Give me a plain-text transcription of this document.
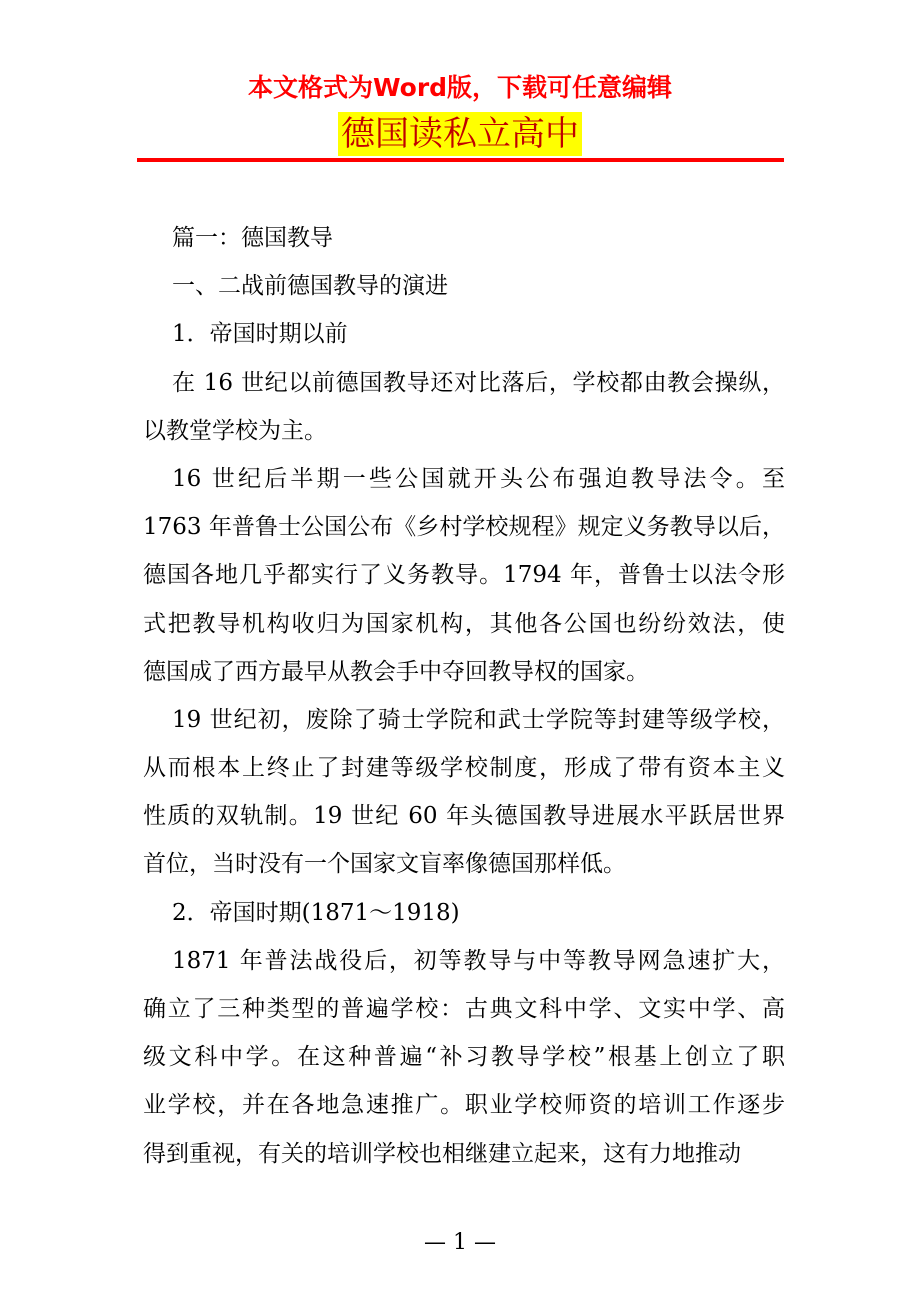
本文格式为Word版，下载可任意编辑
德国读私立高中
篇一：德国教导
一、二战前德国教导的演进
1．帝国时期以前
在 16 世纪以前德国教导还对比落后，学校都由教会操纵，
以教堂学校为主。
16 世纪后半期一些公国就开头公布强迫教导法令。至
1763 年普鲁士公国公布《乡村学校规程》规定义务教导以后，
德国各地几乎都实行了义务教导。1794 年，普鲁士以法令形
式把教导机构收归为国家机构，其他各公国也纷纷效法，使
德国成了西方最早从教会手中夺回教导权的国家。
19 世纪初，废除了骑士学院和武士学院等封建等级学校，
从而根本上终止了封建等级学校制度，形成了带有资本主义
性质的双轨制。19 世纪 60 年头德国教导进展水平跃居世界
首位，当时没有一个国家文盲率像德国那样低。
2．帝国时期(1871～1918)
1871 年普法战役后，初等教导与中等教导网急速扩大，
确立了三种类型的普遍学校：古典文科中学、文实中学、高
级文科中学。在这种普遍“补习教导学校”根基上创立了职
业学校，并在各地急速推广。职业学校师资的培训工作逐步
得到重视，有关的培训学校也相继建立起来，这有力地推动
— 1 —
